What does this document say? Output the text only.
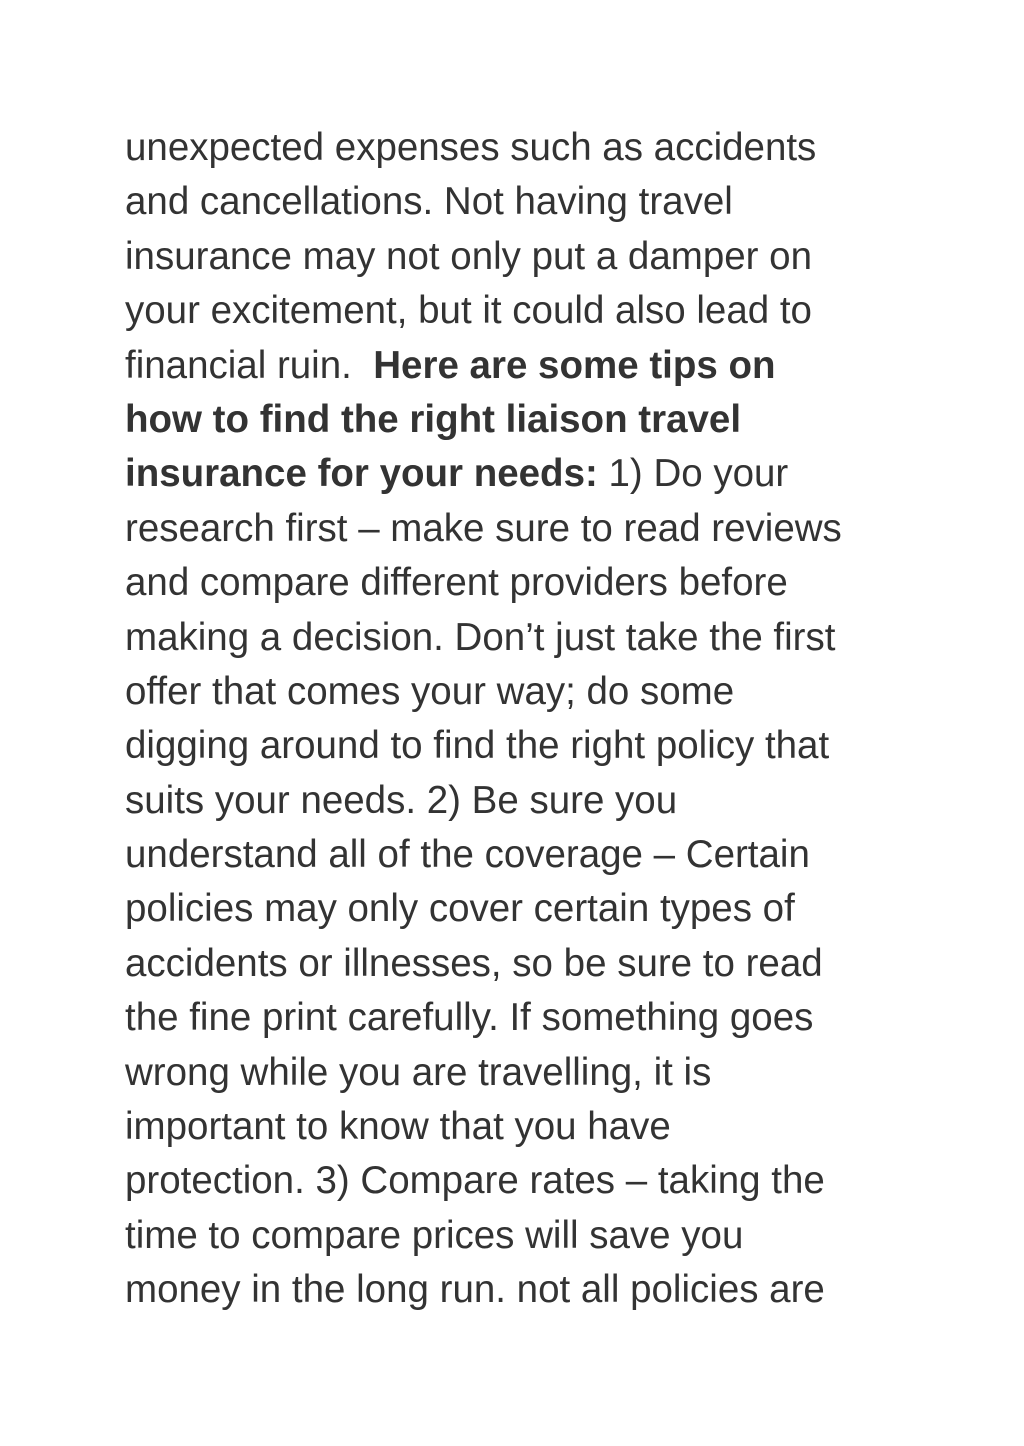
unexpected expenses such as accidents
and cancellations. Not having travel
insurance may not only put a damper on
your excitement, but it could also lead to
financial ruin.  Here are some tips on
how to find the right liaison travel
insurance for your needs: 1) Do your
research first – make sure to read reviews
and compare different providers before
making a decision. Don’t just take the first
offer that comes your way; do some
digging around to find the right policy that
suits your needs. 2) Be sure you
understand all of the coverage – Certain
policies may only cover certain types of
accidents or illnesses, so be sure to read
the fine print carefully. If something goes
wrong while you are travelling, it is
important to know that you have
protection. 3) Compare rates – taking the
time to compare prices will save you
money in the long run. not all policies are
